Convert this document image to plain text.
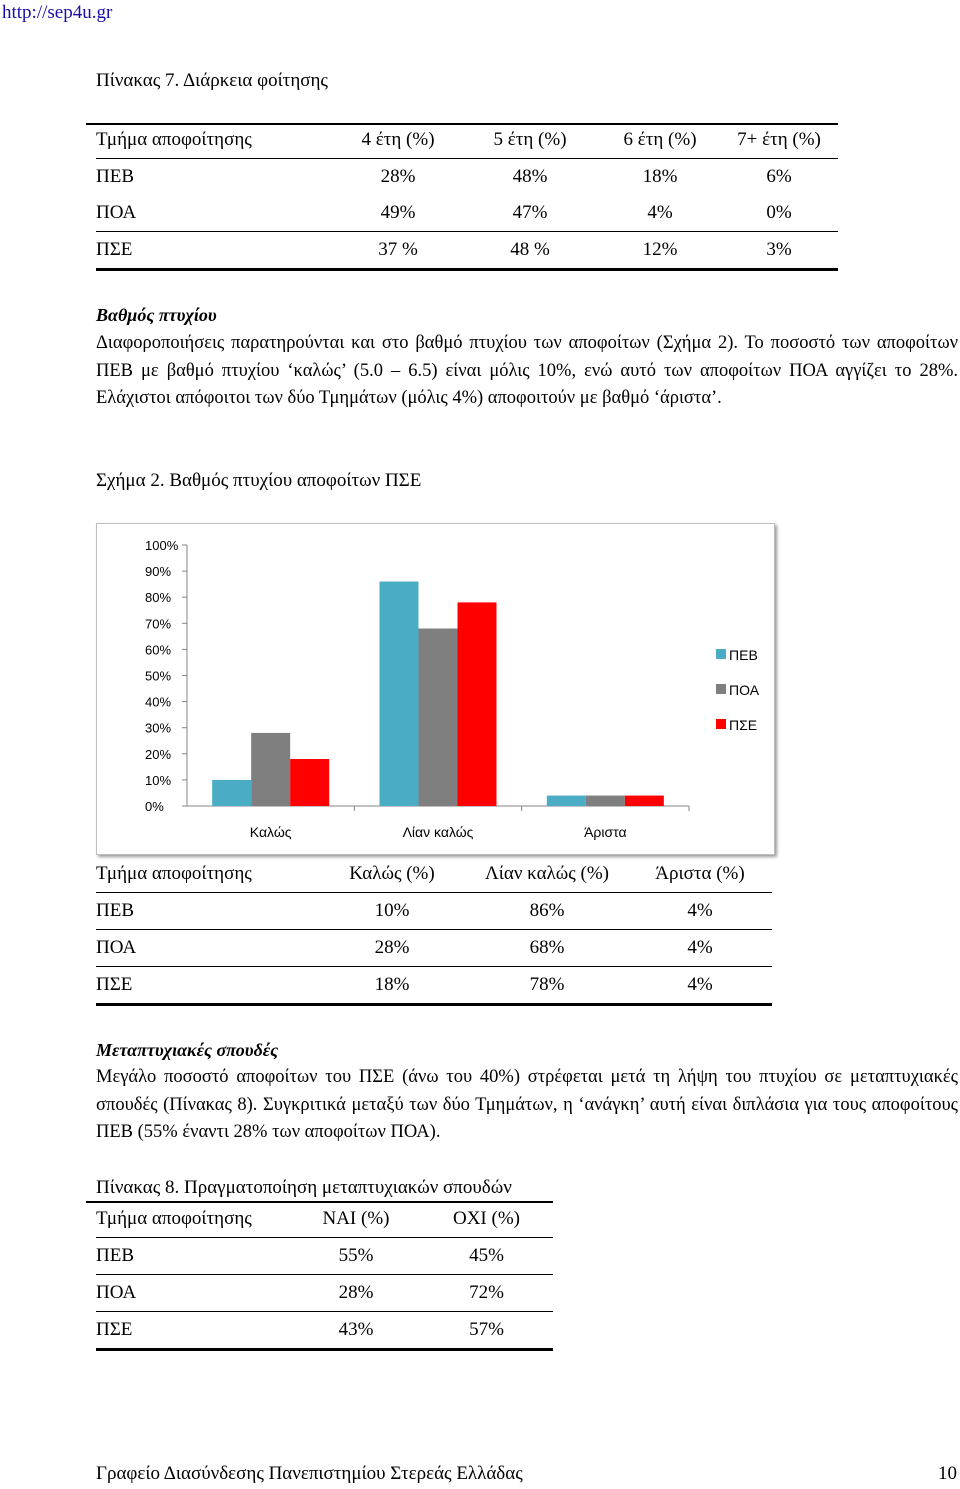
http://sep4u.gr
Πίνακας 7. Διάρκεια φοίτησης
Τμήμα αποφοίτησης	4 έτη (%)	5 έτη (%)	6 έτη (%)	7+ έτη (%)
ΠΕΒ	28%	48%	18%	6%
ΠΟΑ	49%	47%	4%	0%
ΠΣΕ	37 %	48 %	12%	3%
Βαθμός πτυχίου
Διαφοροποιήσεις παρατηρούνται και στο βαθμό πτυχίου των αποφοίτων (Σχήμα 2). Το ποσοστό των αποφοίτων ΠΕΒ με βαθμό πτυχίου ‘καλώς’ (5.0 – 6.5) είναι μόλις 10%, ενώ αυτό των αποφοίτων ΠΟΑ αγγίζει το 28%. Ελάχιστοι απόφοιτοι των δύο Τμημάτων (μόλις 4%) αποφοιτούν με βαθμό ‘άριστα’.
Σχήμα 2. Βαθμός πτυχίου αποφοίτων ΠΣΕ
0%
10%
20%
30%
40%
50%
60%
70%
80%
90%
100%
Καλώς	Λίαν καλώς	Άριστα
ΠΕΒ
ΠΟΑ
ΠΣΕ
Τμήμα αποφοίτησης	Καλώς (%)	Λίαν καλώς (%)	Άριστα (%)
ΠΕΒ	10%	86%	4%
ΠΟΑ	28%	68%	4%
ΠΣΕ	18%	78%	4%
Μεταπτυχιακές σπουδές
Μεγάλο ποσοστό αποφοίτων του ΠΣΕ (άνω του 40%) στρέφεται μετά τη λήψη του πτυχίου σε μεταπτυχιακές σπουδές (Πίνακας 8). Συγκριτικά μεταξύ των δύο Τμημάτων, η ‘ανάγκη’ αυτή είναι διπλάσια για τους αποφοίτους ΠΕΒ (55% έναντι 28% των αποφοίτων ΠΟΑ).
Πίνακας 8. Πραγματοποίηση μεταπτυχιακών σπουδών
Τμήμα αποφοίτησης	ΝΑΙ (%)	ΟΧΙ (%)
ΠΕΒ	55%	45%
ΠΟΑ	28%	72%
ΠΣΕ	43%	57%
Γραφείο Διασύνδεσης Πανεπιστημίου Στερεάς Ελλάδας	10
